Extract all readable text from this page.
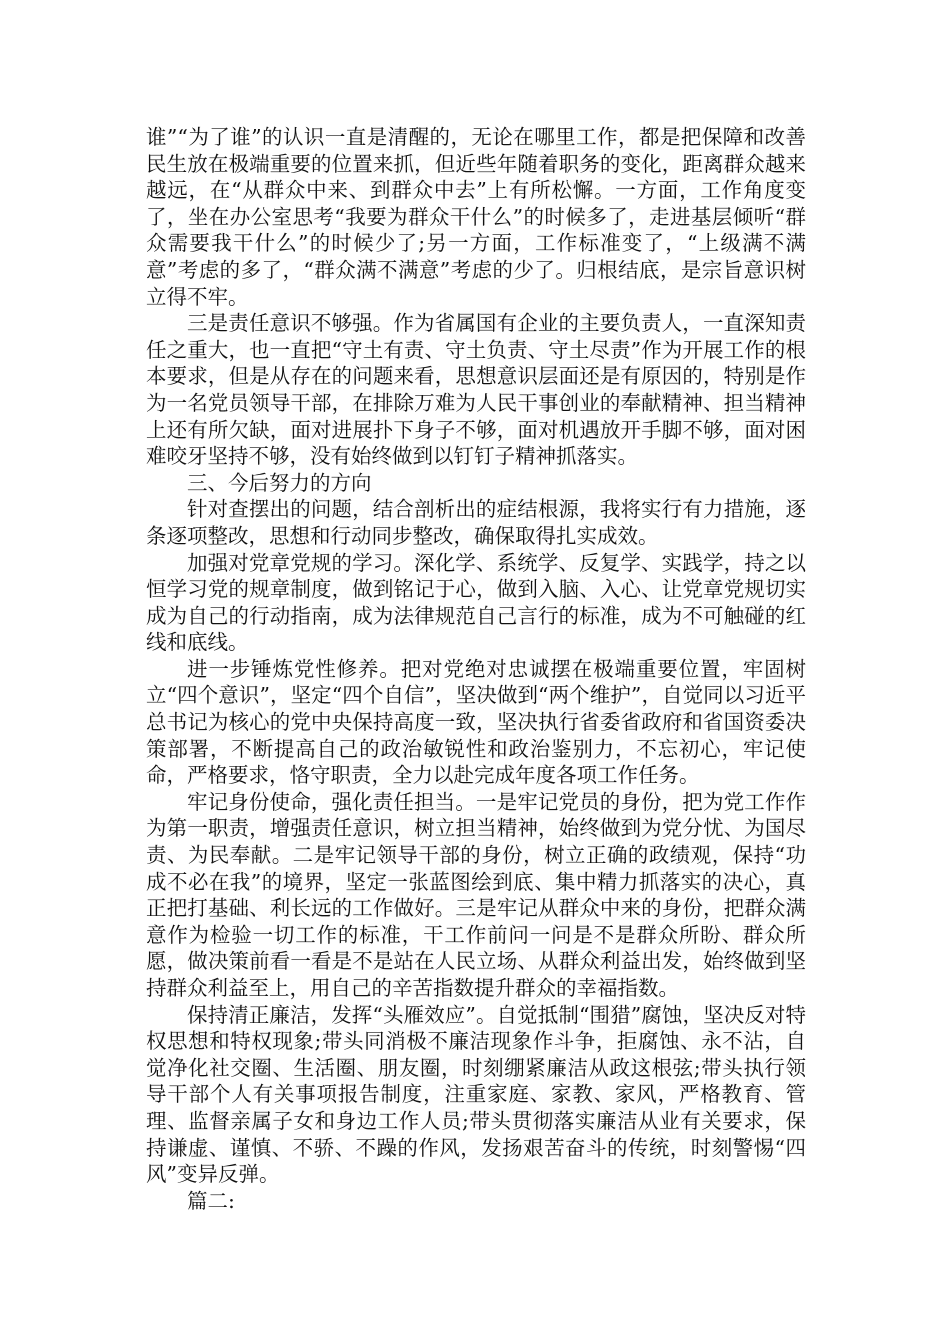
谁”“为了谁”的认识一直是清醒的，无论在哪里工作，都是把保障和改善民生放在极端重要的位置来抓，但近些年随着职务的变化，距离群众越来越远，在“从群众中来、到群众中去”上有所松懈。一方面，工作角度变了，坐在办公室思考“我要为群众干什么”的时候多了，走进基层倾听“群众需要我干什么”的时候少了;另一方面，工作标准变了，“上级满不满意”考虑的多了，“群众满不满意”考虑的少了。归根结底，是宗旨意识树立得不牢。

三是责任意识不够强。作为省属国有企业的主要负责人，一直深知责任之重大，也一直把“守土有责、守土负责、守土尽责”作为开展工作的根本要求，但是从存在的问题来看，思想意识层面还是有原因的，特别是作为一名党员领导干部，在排除万难为人民干事创业的奉献精神、担当精神上还有所欠缺，面对进展扑下身子不够，面对机遇放开手脚不够，面对困难咬牙坚持不够，没有始终做到以钉钉子精神抓落实。

三、今后努力的方向

针对查摆出的问题，结合剖析出的症结根源，我将实行有力措施，逐条逐项整改，思想和行动同步整改，确保取得扎实成效。

加强对党章党规的学习。深化学、系统学、反复学、实践学，持之以恒学习党的规章制度，做到铭记于心，做到入脑、入心、让党章党规切实成为自己的行动指南，成为法律规范自己言行的标准，成为不可触碰的红线和底线。

进一步锤炼党性修养。把对党绝对忠诚摆在极端重要位置，牢固树立“四个意识”，坚定“四个自信”，坚决做到“两个维护”，自觉同以习近平总书记为核心的党中央保持高度一致，坚决执行省委省政府和省国资委决策部署，不断提高自己的政治敏锐性和政治鉴别力，不忘初心，牢记使命，严格要求，恪守职责，全力以赴完成年度各项工作任务。

牢记身份使命，强化责任担当。一是牢记党员的身份，把为党工作作为第一职责，增强责任意识，树立担当精神，始终做到为党分忧、为国尽责、为民奉献。二是牢记领导干部的身份，树立正确的政绩观，保持“功成不必在我”的境界，坚定一张蓝图绘到底、集中精力抓落实的决心，真正把打基础、利长远的工作做好。三是牢记从群众中来的身份，把群众满意作为检验一切工作的标准，干工作前问一问是不是群众所盼、群众所愿，做决策前看一看是不是站在人民立场、从群众利益出发，始终做到坚持群众利益至上，用自己的辛苦指数提升群众的幸福指数。

保持清正廉洁，发挥“头雁效应”。自觉抵制“围猎”腐蚀，坚决反对特权思想和特权现象;带头同消极不廉洁现象作斗争，拒腐蚀、永不沾，自觉净化社交圈、生活圈、朋友圈，时刻绷紧廉洁从政这根弦;带头执行领导干部个人有关事项报告制度，注重家庭、家教、家风，严格教育、管理、监督亲属子女和身边工作人员;带头贯彻落实廉洁从业有关要求，保持谦虚、谨慎、不骄、不躁的作风，发扬艰苦奋斗的传统，时刻警惕“四风”变异反弹。

篇二:
